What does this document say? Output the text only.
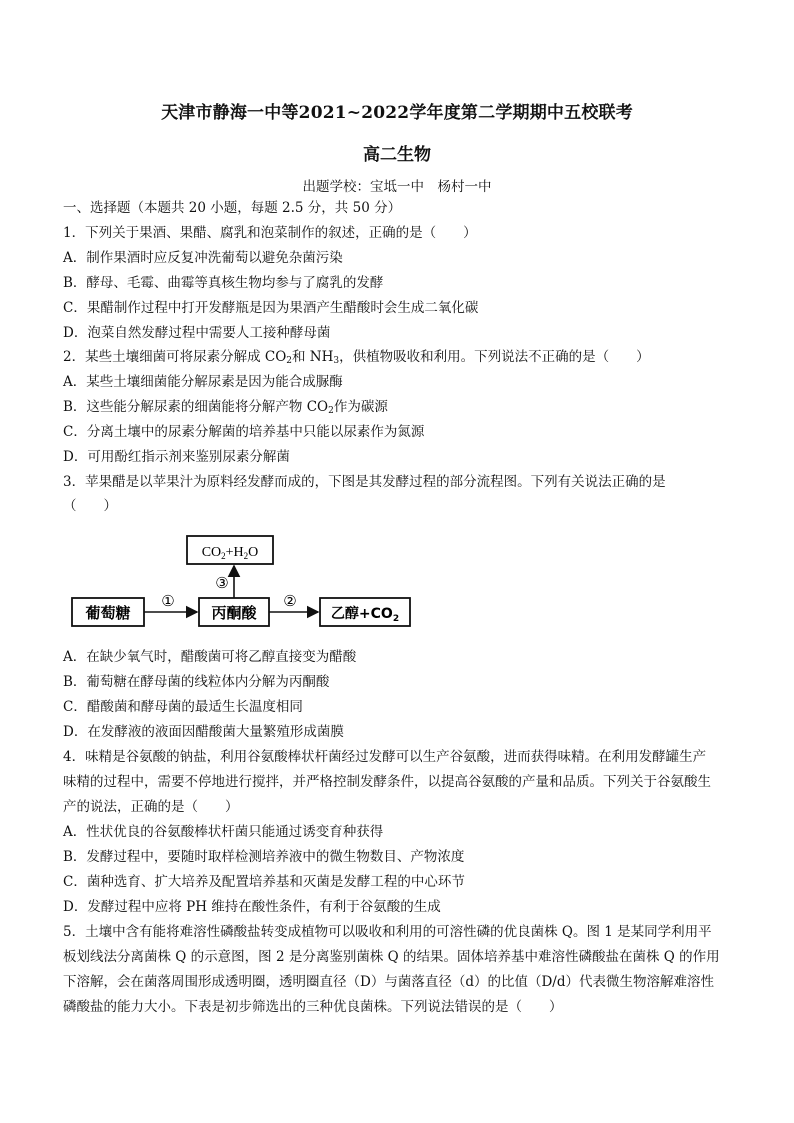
天津市静海一中等2021~2022学年度第二学期期中五校联考
高二生物
出题学校：宝坻一中　杨村一中
一、选择题（本题共 20 小题，每题 2.5 分，共 50 分）
1．下列关于果酒、果醋、腐乳和泡菜制作的叙述，正确的是（　　）
A．制作果酒时应反复冲洗葡萄以避免杂菌污染
B．酵母、毛霉、曲霉等真核生物均参与了腐乳的发酵
C．果醋制作过程中打开发酵瓶是因为果酒产生醋酸时会生成二氧化碳
D．泡菜自然发酵过程中需要人工接种酵母菌
2．某些土壤细菌可将尿素分解成 $CO_2$和 $NH_3$，供植物吸收和利用。下列说法不正确的是（　　）
A．某些土壤细菌能分解尿素是因为能合成脲酶
B．这些能分解尿素的细菌能将分解产物 $CO_2$作为碳源
C．分离土壤中的尿素分解菌的培养基中只能以尿素作为氮源
D．可用酚红指示剂来鉴别尿素分解菌
3．苹果醋是以苹果汁为原料经发酵而成的，下图是其发酵过程的部分流程图。下列有关说法正确的是
（　　）
$CO_2+H_2O$
葡萄糖	丙酮酸	乙醇$+CO_2$
①	②
③
A．在缺少氧气时，醋酸菌可将乙醇直接变为醋酸
B．葡萄糖在酵母菌的线粒体内分解为丙酮酸
C．醋酸菌和酵母菌的最适生长温度相同
D．在发酵液的液面因醋酸菌大量繁殖形成菌膜
4．味精是谷氨酸的钠盐，利用谷氨酸棒状杆菌经过发酵可以生产谷氨酸，进而获得味精。在利用发酵罐生产
味精的过程中，需要不停地进行搅拌，并严格控制发酵条件，以提高谷氨酸的产量和品质。下列关于谷氨酸生
产的说法，正确的是（　　）
A．性状优良的谷氨酸棒状杆菌只能通过诱变育种获得
B．发酵过程中，要随时取样检测培养液中的微生物数目、产物浓度
C．菌种选育、扩大培养及配置培养基和灭菌是发酵工程的中心环节
D．发酵过程中应将 PH 维持在酸性条件，有利于谷氨酸的生成
5．土壤中含有能将难溶性磷酸盐转变成植物可以吸收和利用的可溶性磷的优良菌株 Q。图 1 是某同学利用平
板划线法分离菌株 Q 的示意图，图 2 是分离鉴别菌株 Q 的结果。固体培养基中难溶性磷酸盐在菌株 Q 的作用
下溶解，会在菌落周围形成透明圈，透明圈直径（D）与菌落直径（d）的比值（D/d）代表微生物溶解难溶性
磷酸盐的能力大小。下表是初步筛选出的三种优良菌株。下列说法错误的是（　　）
